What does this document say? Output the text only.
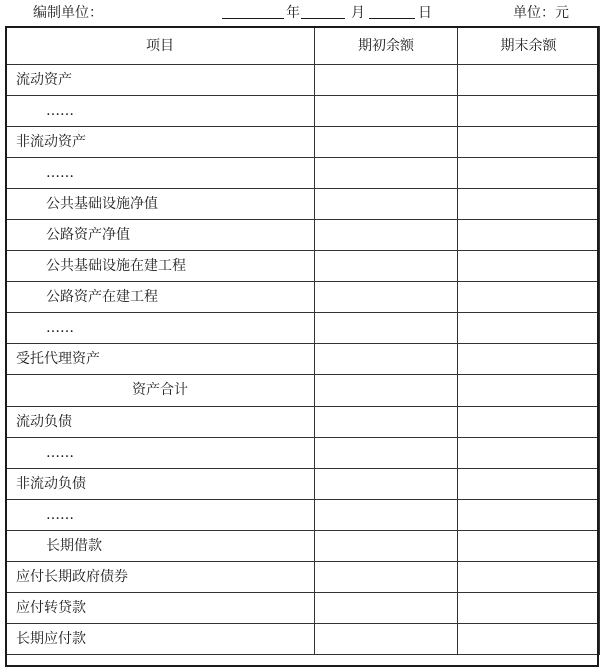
编制单位：	年	月	日	单位：元
项目	期初余额	期末余额
流动资产		
……		
非流动资产		
……		
公共基础设施净值		
公路资产净值		
公共基础设施在建工程		
公路资产在建工程		
……		
受托代理资产		
资产合计		
流动负债		
……		
非流动负债		
……		
长期借款		
应付长期政府债券		
应付转贷款		
长期应付款		
